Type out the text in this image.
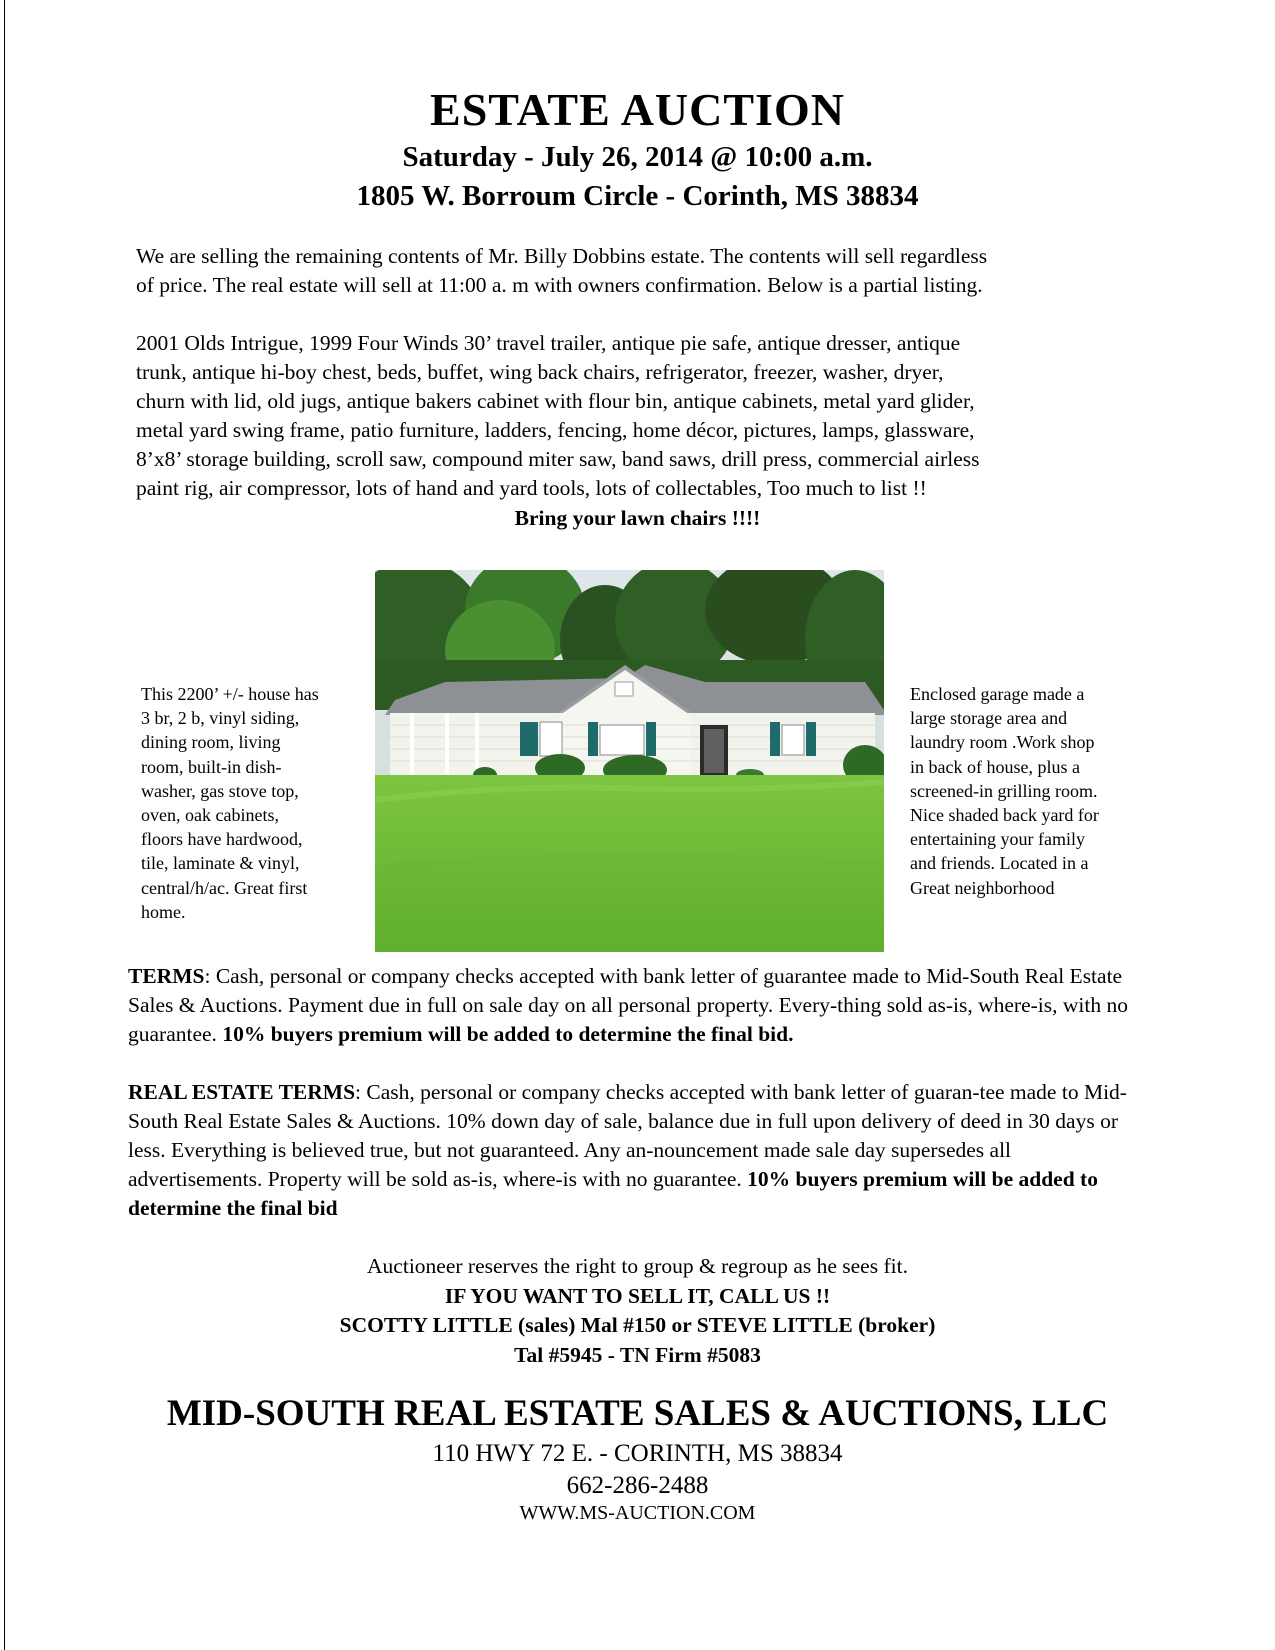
ESTATE AUCTION
Saturday - July 26, 2014 @ 10:00 a.m.
1805 W. Borroum Circle - Corinth, MS 38834
We are selling the remaining contents of Mr. Billy Dobbins estate. The contents will sell regardless
of price. The real estate will sell at 11:00 a. m with owners confirmation. Below is a partial listing.
2001 Olds Intrigue, 1999 Four Winds 30’ travel trailer, antique pie safe, antique dresser, antique
trunk, antique hi-boy chest, beds, buffet, wing back chairs, refrigerator, freezer, washer, dryer,
churn with lid, old jugs, antique bakers cabinet with flour bin, antique cabinets, metal yard glider,
metal yard swing frame, patio furniture, ladders, fencing, home décor, pictures, lamps, glassware,
8’x8’ storage building, scroll saw, compound miter saw, band saws, drill press, commercial airless
paint rig, air compressor, lots of hand and yard tools, lots of collectables, Too much to list !!
Bring your lawn chairs !!!!
This 2200’ +/- house has
3 br, 2 b, vinyl siding,
dining room, living
room, built-in dish-
washer, gas stove top,
oven, oak cabinets,
floors have hardwood,
tile, laminate & vinyl,
central/h/ac. Great first
home.
Enclosed garage made a
large storage area and
laundry room .Work shop
in back of house, plus a
screened-in grilling room.
Nice shaded back yard for
entertaining your family
and friends. Located in a
Great neighborhood
TERMS: Cash, personal or company checks accepted with bank letter of guarantee made to Mid-South Real Estate Sales & Auctions. Payment due in full on sale day on all personal property. Every-thing sold as-is, where-is, with no guarantee. 10% buyers premium will be added to determine the final bid.
REAL ESTATE TERMS: Cash, personal or company checks accepted with bank letter of guaran-tee made to Mid-South Real Estate Sales & Auctions. 10% down day of sale, balance due in full upon delivery of deed in 30 days or less. Everything is believed true, but not guaranteed. Any an-nouncement made sale day supersedes all advertisements. Property will be sold as-is, where-is with no guarantee. 10% buyers premium will be added to determine the final bid
Auctioneer reserves the right to group & regroup as he sees fit.
IF YOU WANT TO SELL IT, CALL US !!
SCOTTY LITTLE (sales) Mal #150 or STEVE LITTLE (broker)
Tal #5945 - TN Firm #5083
MID-SOUTH REAL ESTATE SALES & AUCTIONS, LLC
110 HWY 72 E. - CORINTH, MS 38834
662-286-2488
WWW.MS-AUCTION.COM
